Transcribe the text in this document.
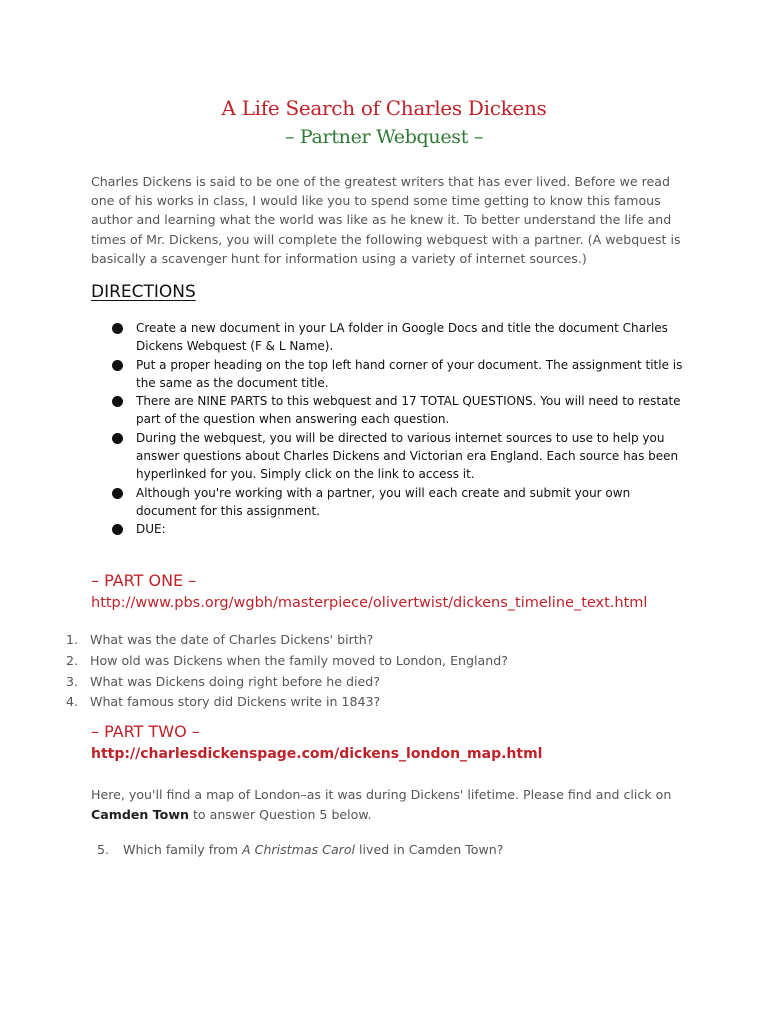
A Life Search of Charles Dickens
– Partner Webquest –
Charles Dickens is said to be one of the greatest writers that has ever lived. Before we read one of his works in class, I would like you to spend some time getting to know this famous author and learning what the world was like as he knew it. To better understand the life and times of Mr. Dickens, you will complete the following webquest with a partner. (A webquest is basically a scavenger hunt for information using a variety of internet sources.)
DIRECTIONS
Create a new document in your LA folder in Google Docs and title the document Charles Dickens Webquest (F & L Name).
Put a proper heading on the top left hand corner of your document. The assignment title is the same as the document title.
There are NINE PARTS to this webquest and 17 TOTAL QUESTIONS. You will need to restate part of the question when answering each question.
During the webquest, you will be directed to various internet sources to use to help you answer questions about Charles Dickens and Victorian era England. Each source has been hyperlinked for you. Simply click on the link to access it.
Although you're working with a partner, you will each create and submit your own document for this assignment.
DUE:
– PART ONE –
http://www.pbs.org/wgbh/masterpiece/olivertwist/dickens_timeline_text.html
1. What was the date of Charles Dickens' birth?
2. How old was Dickens when the family moved to London, England?
3. What was Dickens doing right before he died?
4. What famous story did Dickens write in 1843?
– PART TWO –
http://charlesdickenspage.com/dickens_london_map.html
Here, you'll find a map of London–as it was during Dickens' lifetime. Please find and click on Camden Town to answer Question 5 below.
5. Which family from A Christmas Carol lived in Camden Town?
